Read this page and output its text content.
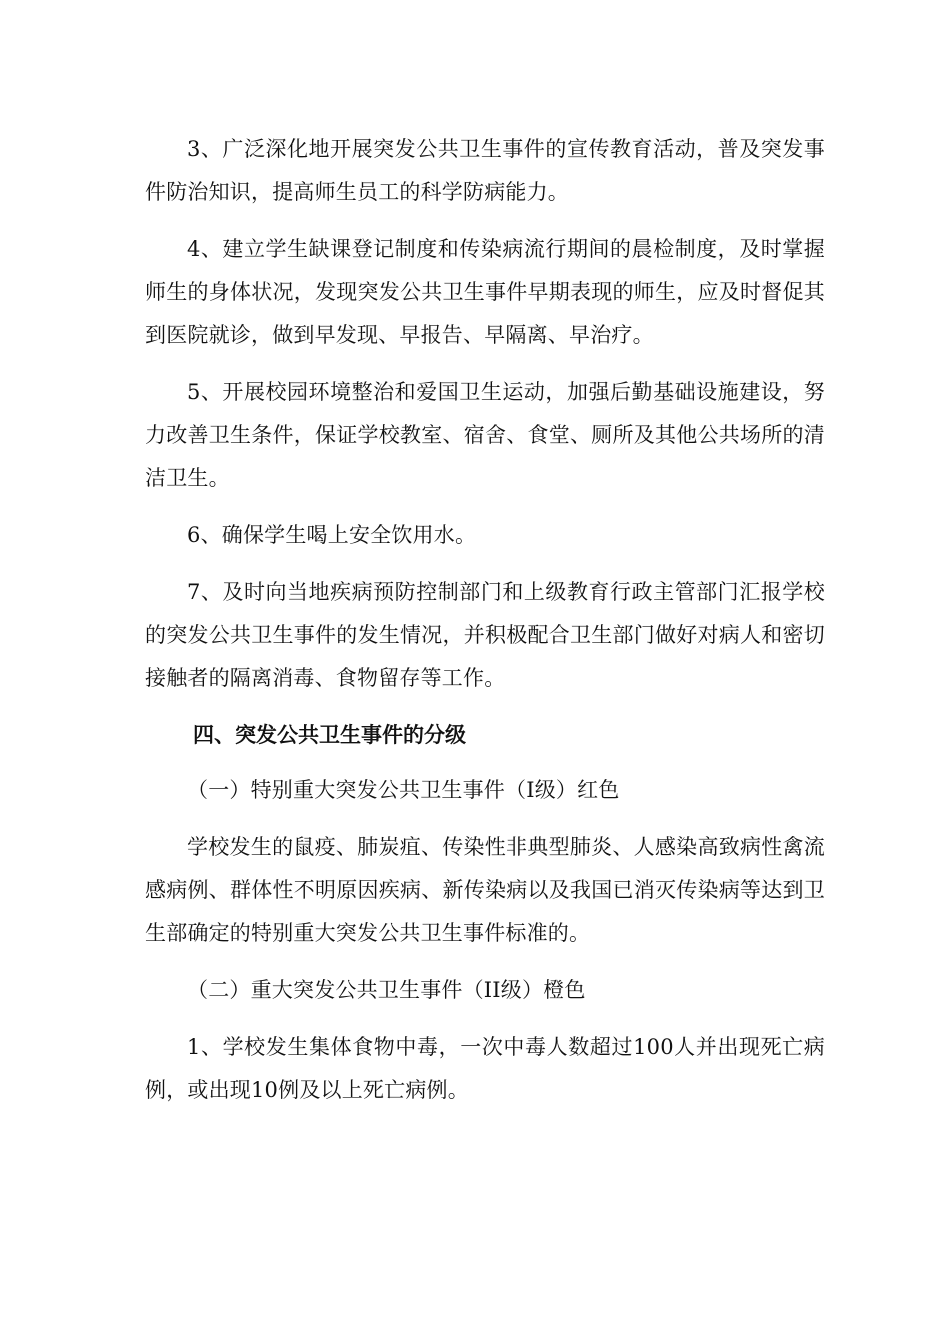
3、广泛深化地开展突发公共卫生事件的宣传教育活动，普及突发事件防治知识，提高师生员工的科学防病能力。

4、建立学生缺课登记制度和传染病流行期间的晨检制度，及时掌握师生的身体状况，发现突发公共卫生事件早期表现的师生，应及时督促其到医院就诊，做到早发现、早报告、早隔离、早治疗。

5、开展校园环境整治和爱国卫生运动，加强后勤基础设施建设，努力改善卫生条件，保证学校教室、宿舍、食堂、厕所及其他公共场所的清洁卫生。

6、确保学生喝上安全饮用水。

7、及时向当地疾病预防控制部门和上级教育行政主管部门汇报学校的突发公共卫生事件的发生情况，并积极配合卫生部门做好对病人和密切接触者的隔离消毒、食物留存等工作。

四、突发公共卫生事件的分级

（一）特别重大突发公共卫生事件（Ⅰ级）红色

学校发生的鼠疫、肺炭疽、传染性非典型肺炎、人感染高致病性禽流感病例、群体性不明原因疾病、新传染病以及我国已消灭传染病等达到卫生部确定的特别重大突发公共卫生事件标准的。

（二）重大突发公共卫生事件（II级）橙色

1、学校发生集体食物中毒，一次中毒人数超过100人并出现死亡病例，或出现10例及以上死亡病例。
